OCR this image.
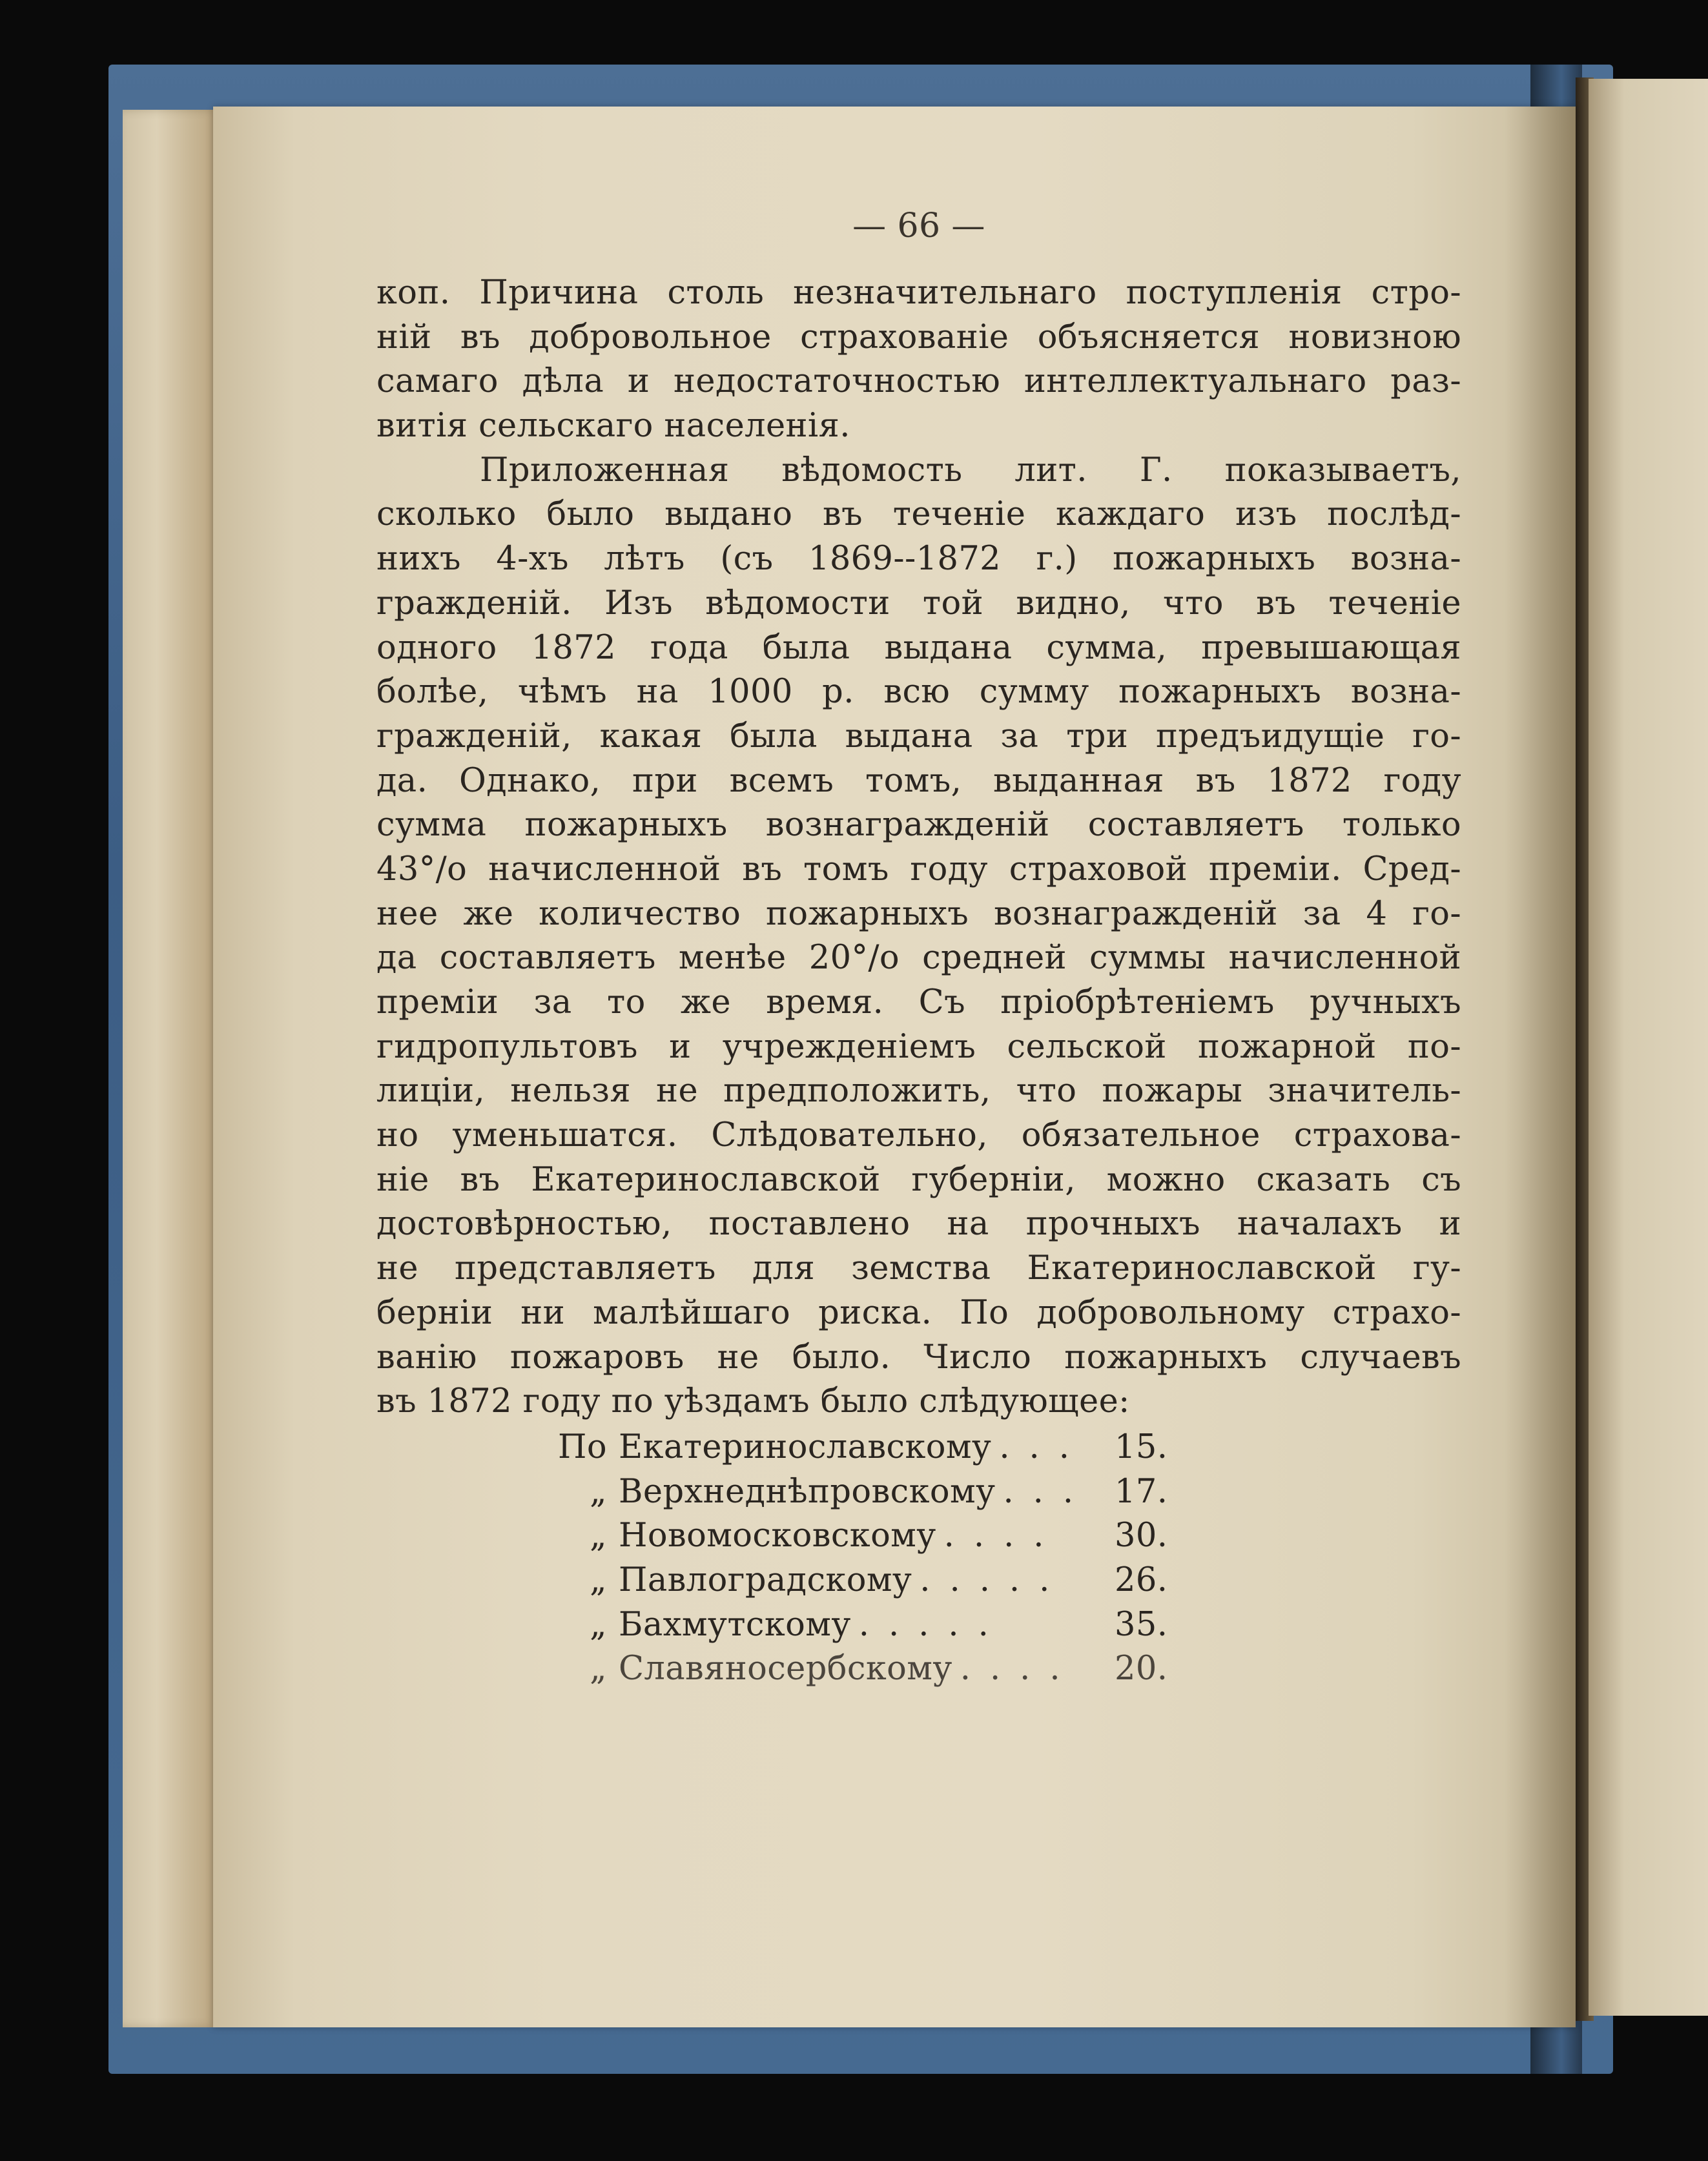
— 66 —
коп. Причина столь незначительнаго поступленія стро-
ній въ добровольное страхованіе объясняется новизною
самаго дѣла и недостаточностью интеллектуальнаго раз-
витія сельскаго населенія.
Приложенная вѣдомость лит. Г. показываетъ,
сколько было выдано въ теченіе каждаго изъ послѣд-
нихъ 4-хъ лѣтъ (съ 1869--1872 г.) пожарныхъ возна-
гражденій. Изъ вѣдомости той видно, что въ теченіе
одного 1872 года была выдана сумма, превышающая
болѣе, чѣмъ на 1000 р. всю сумму пожарныхъ возна-
гражденій, какая была выдана за три предъидущіе го-
да. Однако, при всемъ томъ, выданная въ 1872 году
сумма пожарныхъ вознагражденій составляетъ только
43°/o начисленной въ томъ году страховой преміи. Сред-
нее же количество пожарныхъ вознагражденій за 4 го-
да составляетъ менѣе 20°/o средней суммы начисленной
преміи за то же время. Съ пріобрѣтеніемъ ручныхъ
гидропультовъ и учрежденіемъ сельской пожарной по-
лиціи, нельзя не предположить, что пожары значитель-
но уменьшатся. Слѣдовательно, обязательное страхова-
ніе въ Екатеринославской губерніи, можно сказать съ
достовѣрностью, поставлено на прочныхъ началахъ и
не представляетъ для земства Екатеринославской гу-
берніи ни малѣйшаго риска. По добровольному страхо-
ванію пожаровъ не было. Число пожарныхъ случаевъ
въ 1872 году по уѣздамъ было слѣдующее:
По Екатеринославскому ... 15.
„ Верхнеднѣпровскому ... 17.
„ Новомосковскому ....	30.
„ Павлоградскому .....	26.
„ Бахмутскому .....	35.
„ Славяносербскому ....	20.
